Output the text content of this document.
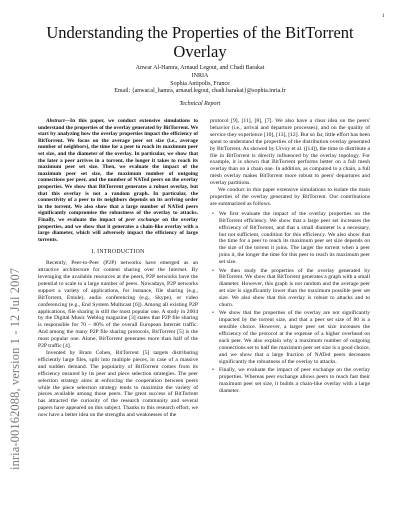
1
inria-00162088, version 1 - 12 Jul 2007
Understanding the Properties of the BitTorrent Overlay
Anwar Al-Hamra, Arnaud Legout, and Chadi Barakat
INRIA
Sophia Antipolis, France
Email: {anwar.al_hamra, arnaud.legout, chadi.barakat}@sophia.inria.fr
Technical Report

Abstract—In this paper, we conduct extensive simulations to understand the properties of the overlay generated by BitTorrent. We start by analyzing how the overlay properties impact the efficiency of BitTorrent. We focus on the average peer set size (i.e., average number of neighbors), the time for a peer to reach its maximum peer set size, and the diameter of the overlay. In particular, we show that the later a peer arrives in a torrent, the longer it takes to reach its maximum peer set size. Then, we evaluate the impact of the maximum peer set size, the maximum number of outgoing connections per peer, and the number of NATed peers on the overlay properties. We show that BitTorrent generates a robust overlay, but that this overlay is not a random graph. In particular, the connectivity of a peer to its neighbors depends on its arriving order in the torrent. We also show that a large number of NATed peers significantly compromise the robustness of the overlay to attacks. Finally, we evaluate the impact of peer exchange on the overlay properties, and we show that it generates a chain-like overlay with a large diameter, which will adversely impact the efficiency of large torrents.

I. INTRODUCTION

Recently, Peer-to-Peer (P2P) networks have emerged as an attractive architecture for content sharing over the Internet. By leveraging the available resources at the peers, P2P networks have the potential to scale to a large number of peers. Nowadays, P2P networks support a variety of applications, for instance, file sharing (e.g., BitTorrent, Emule), audio conferencing (e.g., Skype), or video conferencing (e.g., End System Multicast [6]). Among all existing P2P applications, file sharing is still the most popular one. A study in 2004 by the Digital Music Weblog magazine [3] states that P2P file sharing is responsible for 70 – 80% of the overall European Internet traffic. And among the many P2P file sharing protocols, BitTorrent [5] is the most popular one. Alone, BitTorrent generates more than half of the P2P traffic [4].

Invented by Bram Cohen, BitTorrent [5] targets distributing efficiently large files, split into multiple pieces, in case of a massive and sudden demand. The popularity of BitTorrent comes from its efficiency ensured by its peer and piece selection strategies. The peer selection strategy aims at enforcing the cooperation between peers while the piece selection strategy tends to maximize the variety of pieces available among those peers. The great success of BitTorrent has attracted the curiosity of the research community and several papers have appeared on this subject. Thanks to this research effort, we now have a better idea on the strengths and weaknesses of the

protocol [9], [11], [8], [7]. We also have a clear idea on the peers' behavior (i.e., arrival and departure processes), and on the quality of service they experience [10], [13], [12]. But so far, little effort has been spent to understand the properties of the distribution overlay generated by BitTorrent. As showed by Urvoy et al. ([14]), the time to distribute a file in BitTorrent is directly influenced by the overlay topology. For example, it is shown that BitTorrent performs better on a full mesh overlay than on a chain one. In addition, as compared to a chain, a full mesh overlay makes BitTorrent more robust to peers' departures and overlay partitions.

We conduct in this paper extensive simulations to isolate the main properties of the overlay generated by BitTorrent. Our contributions are summarized as follows.

• We first evaluate the impact of the overlay properties on the BitTorrent efficiency. We show that a large peer set increases the efficiency of BitTorrent, and that a small diameter is a necessary, but not sufficient, condition for this efficiency. We also show that the time for a peer to reach its maximum peer set size depends on the size of the torrent it joins. The larger the torrent when a peer joins it, the longer the time for this peer to reach its maximum peer set size.
• We then study the properties of the overlay generated by BitTorrent. We show that BitTorrent generates a graph with a small diameter. However, this graph is not random and the average peer set size is significantly lower than the maximum possible peer set size. We also show that this overlay is robust to attacks and to churn.
• We show that the properties of the overlay are not significantly impacted by the torrent size, and that a peer set size of 80 is a sensible choice. However, a larger peer set size increases the efficiency of the protocol at the expense of a higher overhead on each peer. We also explain why a maximum number of outgoing connections set to half the maximum peer set size is a good choice, and we show that a large fraction of NATed peers decreases significantly the robustness of the overlay to attacks.
• Finally, we evaluate the impact of peer exchange on the overlay properties. Whereas peer exchange allows peers to reach fast their maximum peer set size, it builds a chain-like overlay with a large diameter.
